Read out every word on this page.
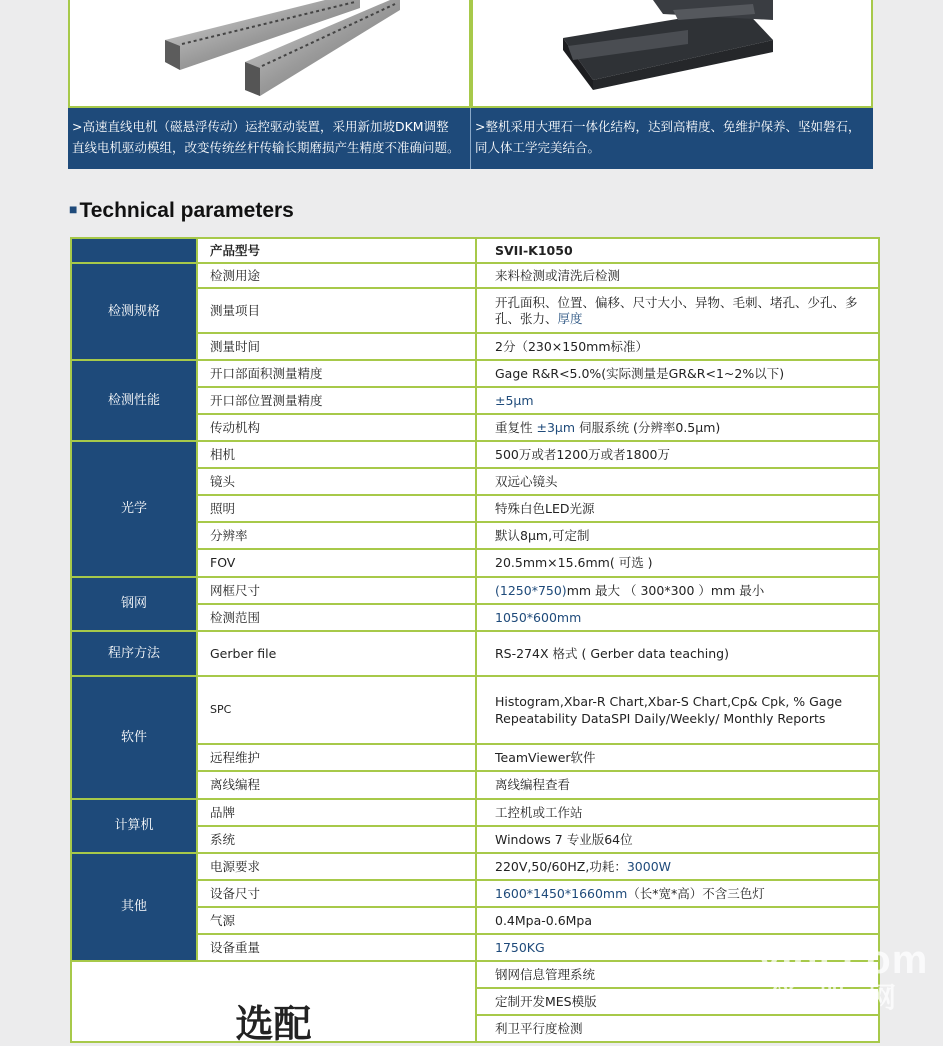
>高速直线电机（磁悬浮传动）运控驱动装置，采用新加坡DKM调整直线电机驱动模组，改变传统丝杆传输长期磨损产生精度不准确问题。
>整机采用大理石一体化结构，达到高精度、免维护保养、坚如磐石，同人体工学完美结合。
■Technical parameters
	产品型号	SVII-K1050
检测规格	检测用途	来料检测或清洗后检测
	测量项目	开孔面积、位置、偏移、尺寸大小、异物、毛刺、堵孔、少孔、多孔、张力、厚度
	测量时间	2分（230×150mm标准）
检测性能	开口部面积测量精度	Gage R&R<5.0%(实际测量是GR&R<1~2%以下)
	开口部位置测量精度	±5μm
	传动机构	重复性 ±3μm 伺服系统 (分辨率0.5μm)
光学	相机	500万或者1200万或者1800万
	镜头	双远心镜头
	照明	特殊白色LED光源
	分辨率	默认8μm,可定制
	FOV	20.5mm×15.6mm( 可选 )
钢网	网框尺寸	(1250*750)mm 最大 （ 300*300 ）mm 最小
	检测范围	1050*600mm
程序方法	Gerber file	RS-274X 格式 ( Gerber data teaching)
软件	SPC	Histogram,Xbar-R Chart,Xbar-S Chart,Cp& Cpk, % Gage Repeatability DataSPI Daily/Weekly/ Monthly Reports
	远程维护	TeamViewer软件
	离线编程	离线编程查看
计算机	品牌	工控机或工作站
	系统	Windows 7 专业版64位
其他	电源要求	220V,50/60HZ,功耗：3000W
	设备尺寸	1600*1450*1660mm（长*宽*高）不含三色灯
	气源	0.4Mpa-0.6Mpa
	设备重量	1750KG
选配		钢网信息管理系统
		定制开发MES模版
		利卫平行度检测
yiqi.com
仪器网
